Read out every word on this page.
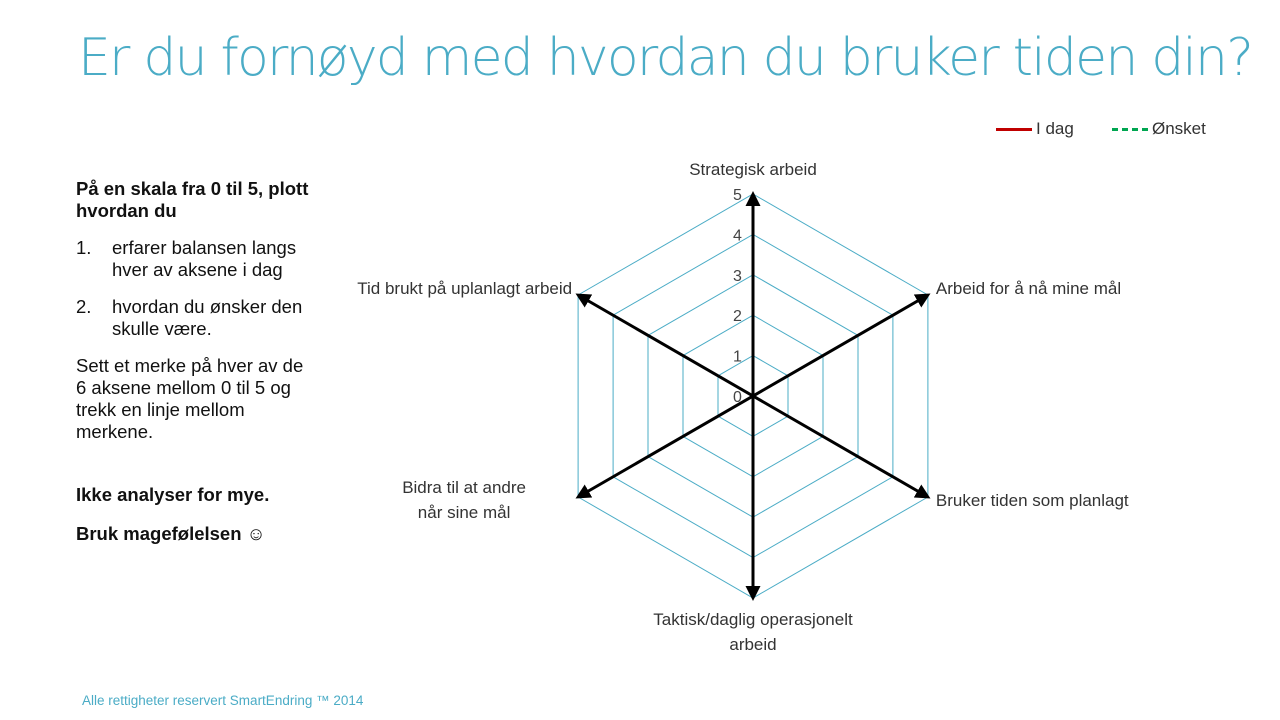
Er du fornøyd med hvordan du bruker tiden din?
I dag	Ønsket

På en skala fra 0 til 5, plott hvordan du

1.	erfarer balansen langs hver av aksene i dag
2.	hvordan du ønsker den skulle være.

Sett et merke på hver av de 6 aksene mellom 0 til 5 og trekk en linje mellom merkene.

Ikke analyser for mye.

Bruk magefølelsen ☺

0
1
2
3
4
5
Strategisk arbeid
Arbeid for å nå mine mål
Bruker tiden som planlagt
Taktisk/daglig operasjonelt arbeid
Bidra til at andre når sine mål
Tid brukt på uplanlagt arbeid
Alle rettigheter reservert SmartEndring ™ 2014
